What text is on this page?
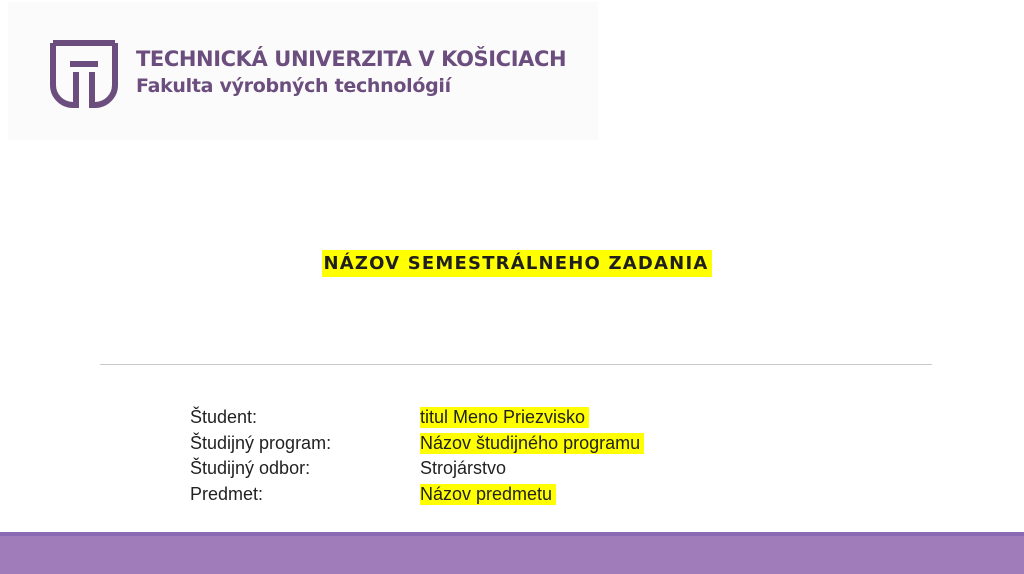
TECHNICKÁ UNIVERZITA V KOŠICIACH
Fakulta výrobných technológií
NÁZOV SEMESTRÁLNEHO ZADANIA
Študent:	titul Meno Priezvisko
Študijný program:	Názov študijného programu
Študijný odbor:	Strojárstvo
Predmet:	Názov predmetu
